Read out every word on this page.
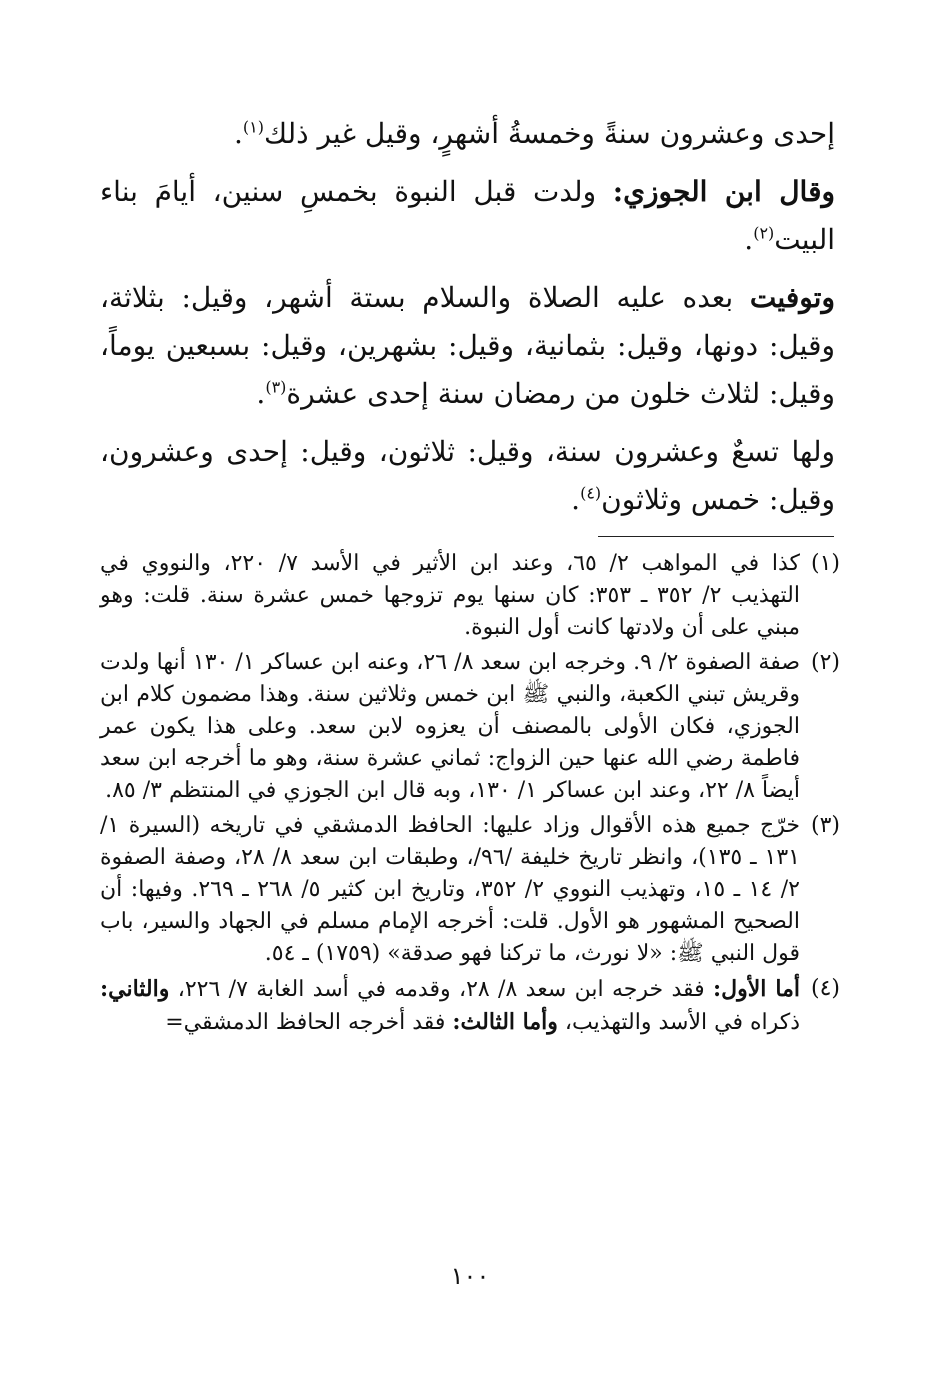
إحدى وعشرون سنةً وخمسةُ أشهرٍ، وقيل غير ذلك$^{(١)}$.

وقال ابن الجوزي: ولدت قبل النبوة بخمسِ سنين، أيامَ بناء البيت$^{(٢)}$.

وتوفيت بعده عليه الصلاة والسلام بستة أشهر، وقيل: بثلاثة، وقيل: دونها، وقيل: بثمانية، وقيل: بشهرين، وقيل: بسبعين يوماً، وقيل: لثلاث خلون من رمضان سنة إحدى عشرة$^{(٣)}$.

ولها تسعٌ وعشرون سنة، وقيل: ثلاثون، وقيل: إحدى وعشرون، وقيل: خمس وثلاثون$^{(٤)}$.

(١)
كذا في المواهب ٢/ ٦٥، وعند ابن الأثير في الأسد ٧/ ٢٢٠، والنووي في التهذيب ٢/ ٣٥٢ ـ ٣٥٣: كان سنها يوم تزوجها خمس عشرة سنة. قلت: وهو مبني على أن ولادتها كانت أول النبوة.
(٢)
صفة الصفوة ٢/ ٩. وخرجه ابن سعد ٨/ ٢٦، وعنه ابن عساكر ١/ ١٣٠ أنها ولدت وقريش تبني الكعبة، والنبي ﷺ ابن خمس وثلاثين سنة. وهذا مضمون كلام ابن الجوزي، فكان الأولى بالمصنف أن يعزوه لابن سعد. وعلى هذا يكون عمر فاطمة رضي الله عنها حين الزواج: ثماني عشرة سنة، وهو ما أخرجه ابن سعد أيضاً ٨/ ٢٢، وعند ابن عساكر ١/ ١٣٠، وبه قال ابن الجوزي في المنتظم ٣/ ٨٥.
(٣)
خرّج جميع هذه الأقوال وزاد عليها: الحافظ الدمشقي في تاريخه (السيرة ١/ ١٣١ ـ ١٣٥)، وانظر تاريخ خليفة /٩٦/، وطبقات ابن سعد ٨/ ٢٨، وصفة الصفوة ٢/ ١٤ ـ ١٥، وتهذيب النووي ٢/ ٣٥٢، وتاريخ ابن كثير ٥/ ٢٦٨ ـ ٢٦٩. وفيها: أن الصحيح المشهور هو الأول. قلت: أخرجه الإمام مسلم في الجهاد والسير، باب قول النبي ﷺ: «لا نورث، ما تركنا فهو صدقة» (١٧٥٩) ـ ٥٤.
(٤)
أما الأول: فقد خرجه ابن سعد ٨/ ٢٨، وقدمه في أسد الغابة ٧/ ٢٢٦، والثاني: ذكراه في الأسد والتهذيب، وأما الثالث: فقد أخرجه الحافظ الدمشقي=
١٠٠
